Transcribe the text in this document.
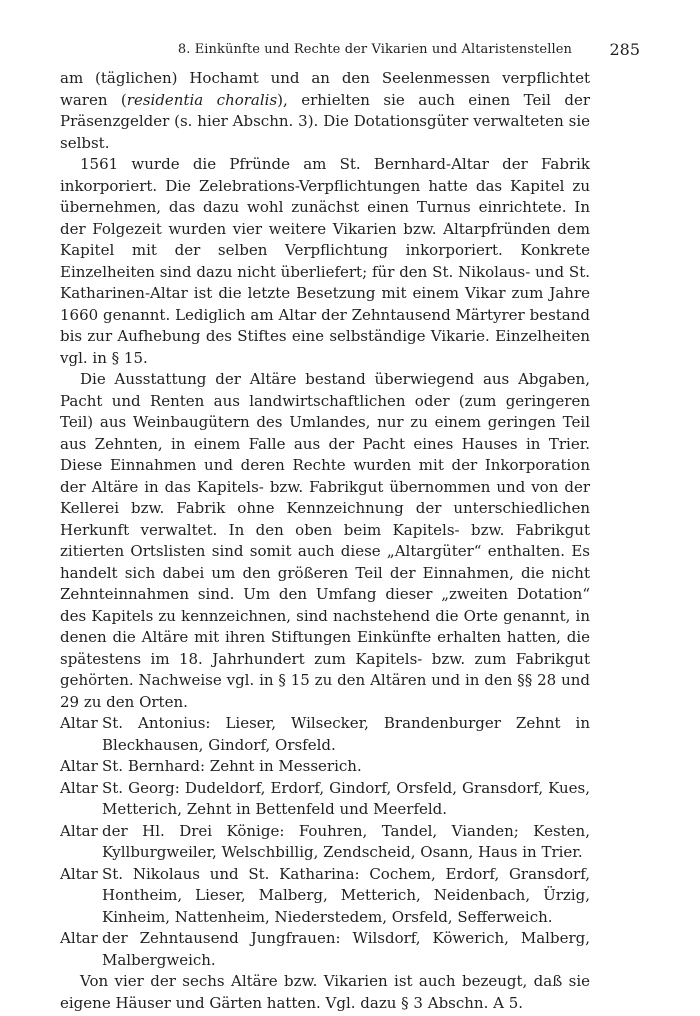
8. Einkünfte und Rechte der Vikarien und Altaristenstellen 285

am (täglichen) Hochamt und an den Seelenmessen verpflichtet waren (residentia choralis), erhielten sie auch einen Teil der Präsenzgelder (s. hier Abschn. 3). Die Dotationsgüter verwalteten sie selbst.

1561 wurde die Pfründe am St. Bernhard-Altar der Fabrik inkorporiert. Die Zelebrations-Verpflichtungen hatte das Kapitel zu übernehmen, das dazu wohl zunächst einen Turnus einrichtete. In der Folgezeit wurden vier weitere Vikarien bzw. Altarpfründen dem Kapitel mit der selben Verpflichtung inkorporiert. Konkrete Einzelheiten sind dazu nicht überliefert; für den St. Nikolaus- und St. Katharinen-Altar ist die letzte Besetzung mit einem Vikar zum Jahre 1660 genannt. Lediglich am Altar der Zehntausend Märtyrer bestand bis zur Aufhebung des Stiftes eine selbständige Vikarie. Einzelheiten vgl. in § 15.

Die Ausstattung der Altäre bestand überwiegend aus Abgaben, Pacht und Renten aus landwirtschaftlichen oder (zum geringeren Teil) aus Weinbaugütern des Umlandes, nur zu einem geringen Teil aus Zehnten, in einem Falle aus der Pacht eines Hauses in Trier. Diese Einnahmen und deren Rechte wurden mit der Inkorporation der Altäre in das Kapitels- bzw. Fabrikgut übernommen und von der Kellerei bzw. Fabrik ohne Kennzeichnung der unterschiedlichen Herkunft verwaltet. In den oben beim Kapitels- bzw. Fabrikgut zitierten Ortslisten sind somit auch diese „Altargüter“ enthalten. Es handelt sich dabei um den größeren Teil der Einnahmen, die nicht Zehnteinnahmen sind. Um den Umfang dieser „zweiten Dotation“ des Kapitels zu kennzeichnen, sind nachstehend die Orte genannt, in denen die Altäre mit ihren Stiftungen Einkünfte erhalten hatten, die spätestens im 18. Jahrhundert zum Kapitels- bzw. zum Fabrikgut gehörten. Nachweise vgl. in § 15 zu den Altären und in den §§ 28 und 29 zu den Orten.

Altar St. Antonius: Lieser, Wilsecker, Brandenburger Zehnt in Bleckhausen, Gindorf, Orsfeld.
Altar St. Bernhard: Zehnt in Messerich.
Altar St. Georg: Dudeldorf, Erdorf, Gindorf, Orsfeld, Gransdorf, Kues, Metterich, Zehnt in Bettenfeld und Meerfeld.
Altar der Hl. Drei Könige: Fouhren, Tandel, Vianden; Kesten, Kyllburgweiler, Welschbillig, Zendscheid, Osann, Haus in Trier.
Altar St. Nikolaus und St. Katharina: Cochem, Erdorf, Gransdorf, Hontheim, Lieser, Malberg, Metterich, Neidenbach, Ürzig, Kinheim, Nattenheim, Niederstedem, Orsfeld, Sefferweich.
Altar der Zehntausend Jungfrauen: Wilsdorf, Köwerich, Malberg, Malbergweich.

Von vier der sechs Altäre bzw. Vikarien ist auch bezeugt, daß sie eigene Häuser und Gärten hatten. Vgl. dazu § 3 Abschn. A 5.
